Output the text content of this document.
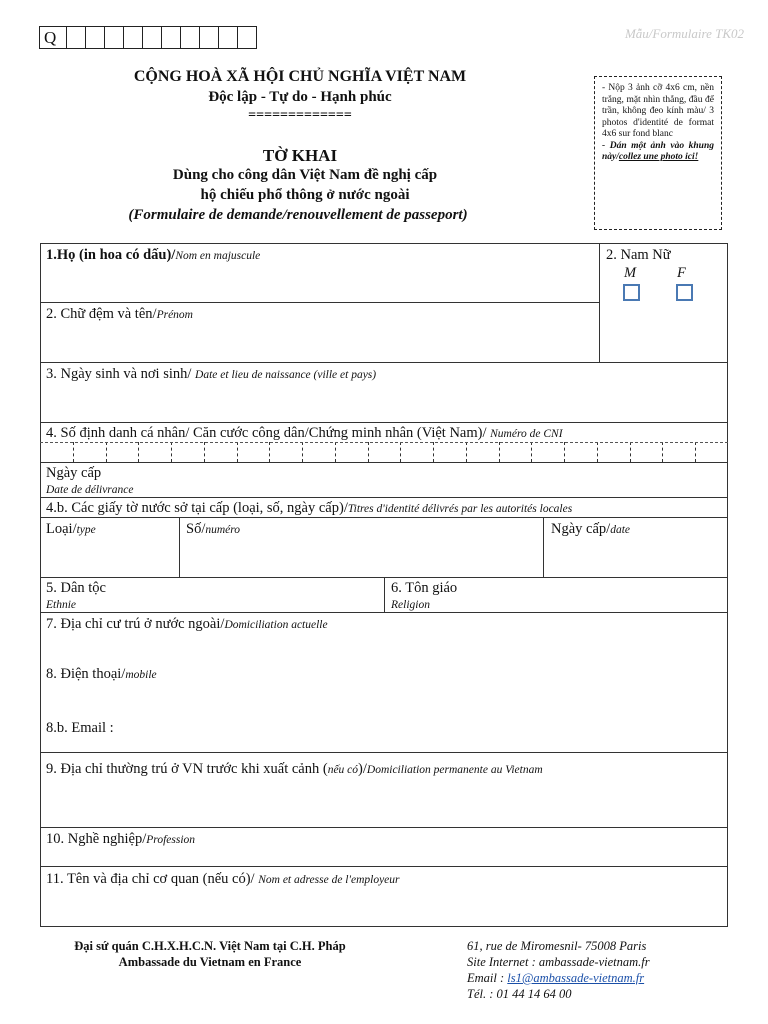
Q	Mẫu/Formulaire TK02
CỘNG HOÀ XÃ HỘI CHỦ NGHĨA VIỆT NAM
Độc lập - Tự do - Hạnh phúc
=============
TỜ KHAI
Dùng cho công dân Việt Nam đề nghị cấp
hộ chiếu phổ thông ở nước ngoài
(Formulaire de demande/renouvellement de passeport)
- Nộp 3 ảnh cỡ 4x6 cm, nền trắng, mặt nhìn thẳng, đầu để trần, không đeo kính màu/ 3 photos d'identité de format 4x6 sur fond blanc
- Dán một ảnh vào khung này/collez une photo ici!
1.Họ (in hoa có dấu)/Nom en majuscule	2. Nam Nữ
M	F
2. Chữ đệm và tên/Prénom
3. Ngày sinh và nơi sinh/ Date et lieu de naissance (ville et pays)
4. Số định danh cá nhân/ Căn cước công dân/Chứng minh nhân (Việt Nam)/ Numéro de CNI
Ngày cấp
Date de délivrance
4.b. Các giấy tờ nước sở tại cấp (loại, số, ngày cấp)/Titres d'identité délivrés par les autorités locales
Loại/type	Số/numéro	Ngày cấp/date
5. Dân tộc
Ethnie
6. Tôn giáo
Religion
7. Địa chỉ cư trú ở nước ngoài/Domiciliation actuelle
8. Điện thoại/mobile
8.b. Email :
9. Địa chỉ thường trú ở VN trước khi xuất cảnh (nếu có)/Domiciliation permanente au Vietnam
10. Nghề nghiệp/Profession
11. Tên và địa chỉ cơ quan (nếu có)/ Nom et adresse de l'employeur
Đại sứ quán C.H.X.H.C.N. Việt Nam tại C.H. Pháp
Ambassade du Vietnam en France
61, rue de Miromesnil- 75008 Paris
Site Internet : ambassade-vietnam.fr
Email : ls1@ambassade-vietnam.fr
Tél. : 01 44 14 64 00
